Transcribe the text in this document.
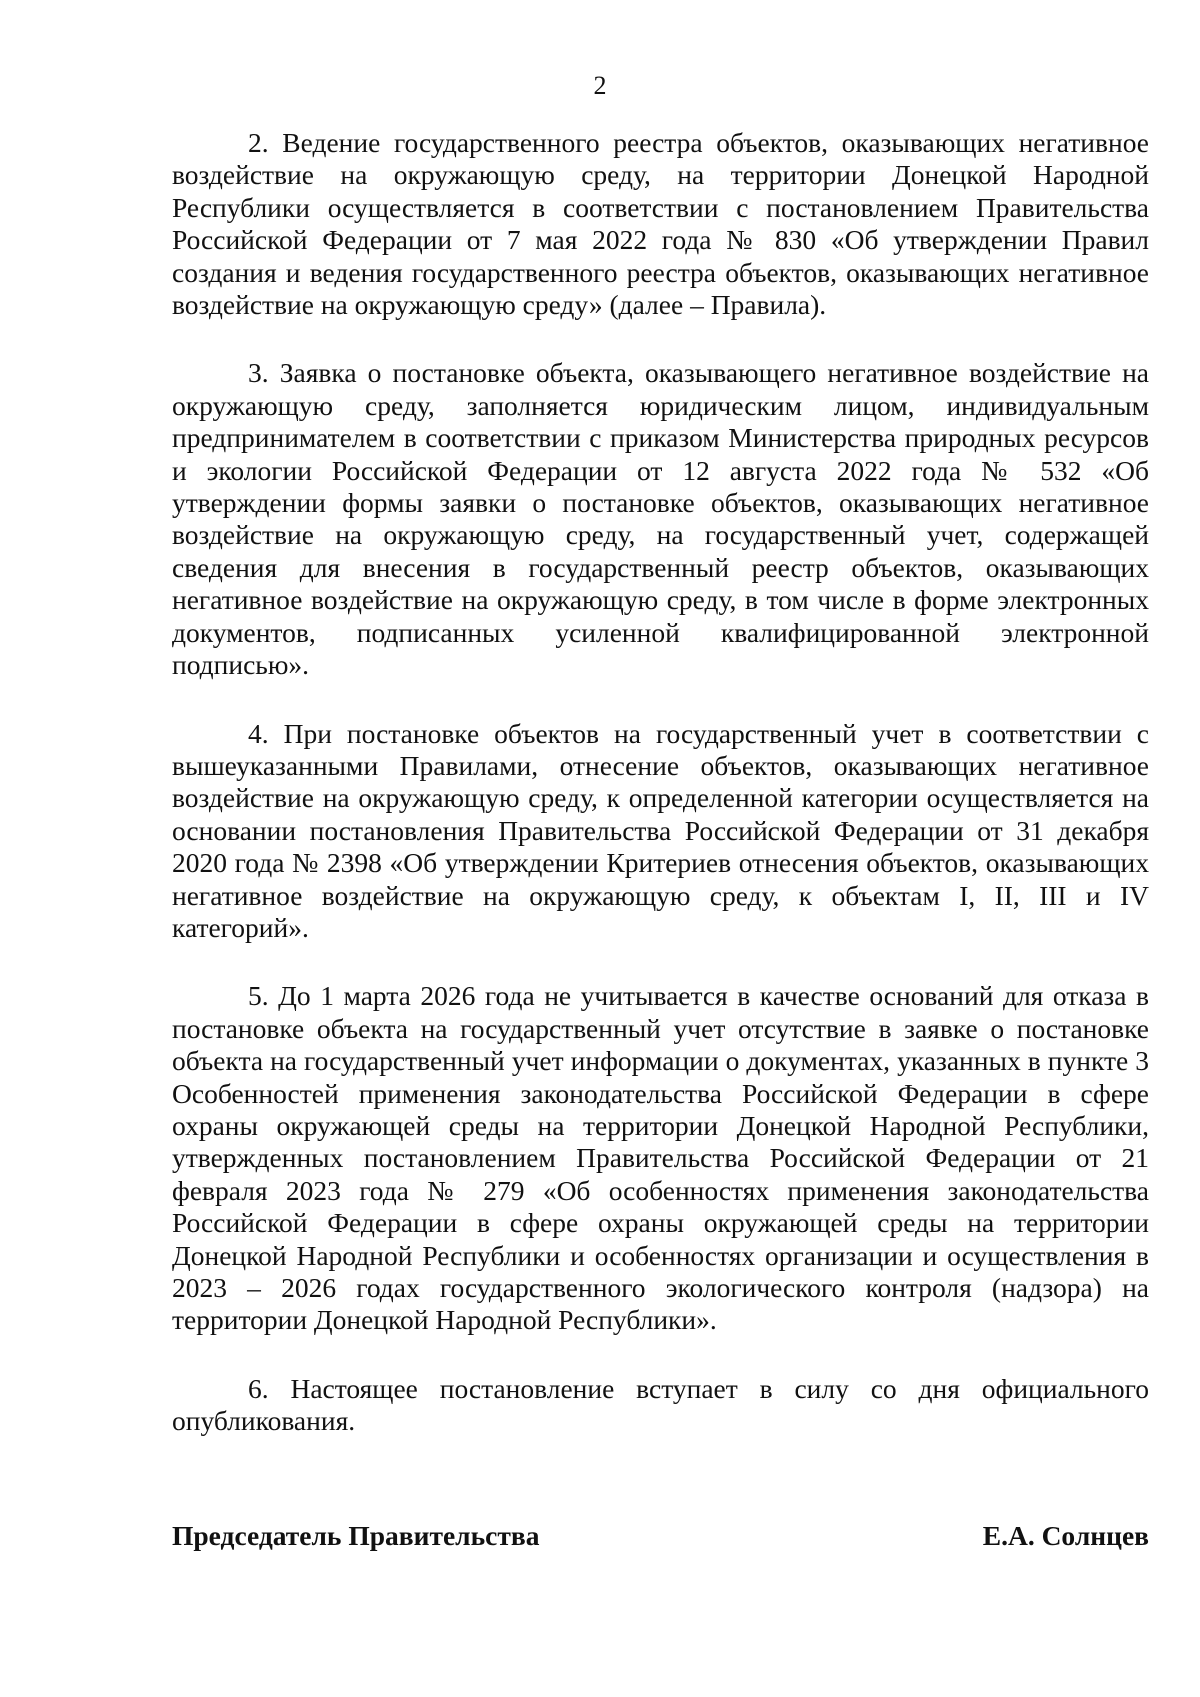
2

2. Ведение государственного реестра объектов, оказывающих негативное воздействие на окружающую среду, на территории Донецкой Народной Республики осуществляется в соответствии с постановлением Правительства Российской Федерации от 7 мая 2022 года № 830 «Об утверждении Правил создания и ведения государственного реестра объектов, оказывающих негативное воздействие на окружающую среду» (далее – Правила).

3. Заявка о постановке объекта, оказывающего негативное воздействие на окружающую среду, заполняется юридическим лицом, индивидуальным предпринимателем в соответствии с приказом Министерства природных ресурсов и экологии Российской Федерации от 12 августа 2022 года № 532 «Об утверждении формы заявки о постановке объектов, оказывающих негативное воздействие на окружающую среду, на государственный учет, содержащей сведения для внесения в государственный реестр объектов, оказывающих негативное воздействие на окружающую среду, в том числе в форме электронных документов, подписанных усиленной квалифицированной электронной подписью».

4. При постановке объектов на государственный учет в соответствии с вышеуказанными Правилами, отнесение объектов, оказывающих негативное воздействие на окружающую среду, к определенной категории осуществляется на основании постановления Правительства Российской Федерации от 31 декабря 2020 года № 2398 «Об утверждении Критериев отнесения объектов, оказывающих негативное воздействие на окружающую среду, к объектам I, II, III и IV категорий».

5. До 1 марта 2026 года не учитывается в качестве оснований для отказа в постановке объекта на государственный учет отсутствие в заявке о постановке объекта на государственный учет информации о документах, указанных в пункте 3 Особенностей применения законодательства Российской Федерации в сфере охраны окружающей среды на территории Донецкой Народной Республики, утвержденных постановлением Правительства Российской Федерации от 21 февраля 2023 года № 279 «Об особенностях применения законодательства Российской Федерации в сфере охраны окружающей среды на территории Донецкой Народной Республики и особенностях организации и осуществления в 2023 – 2026 годах государственного экологического контроля (надзора) на территории Донецкой Народной Республики».

6. Настоящее постановление вступает в силу со дня официального опубликования.

Председатель Правительства	Е.А. Солнцев
